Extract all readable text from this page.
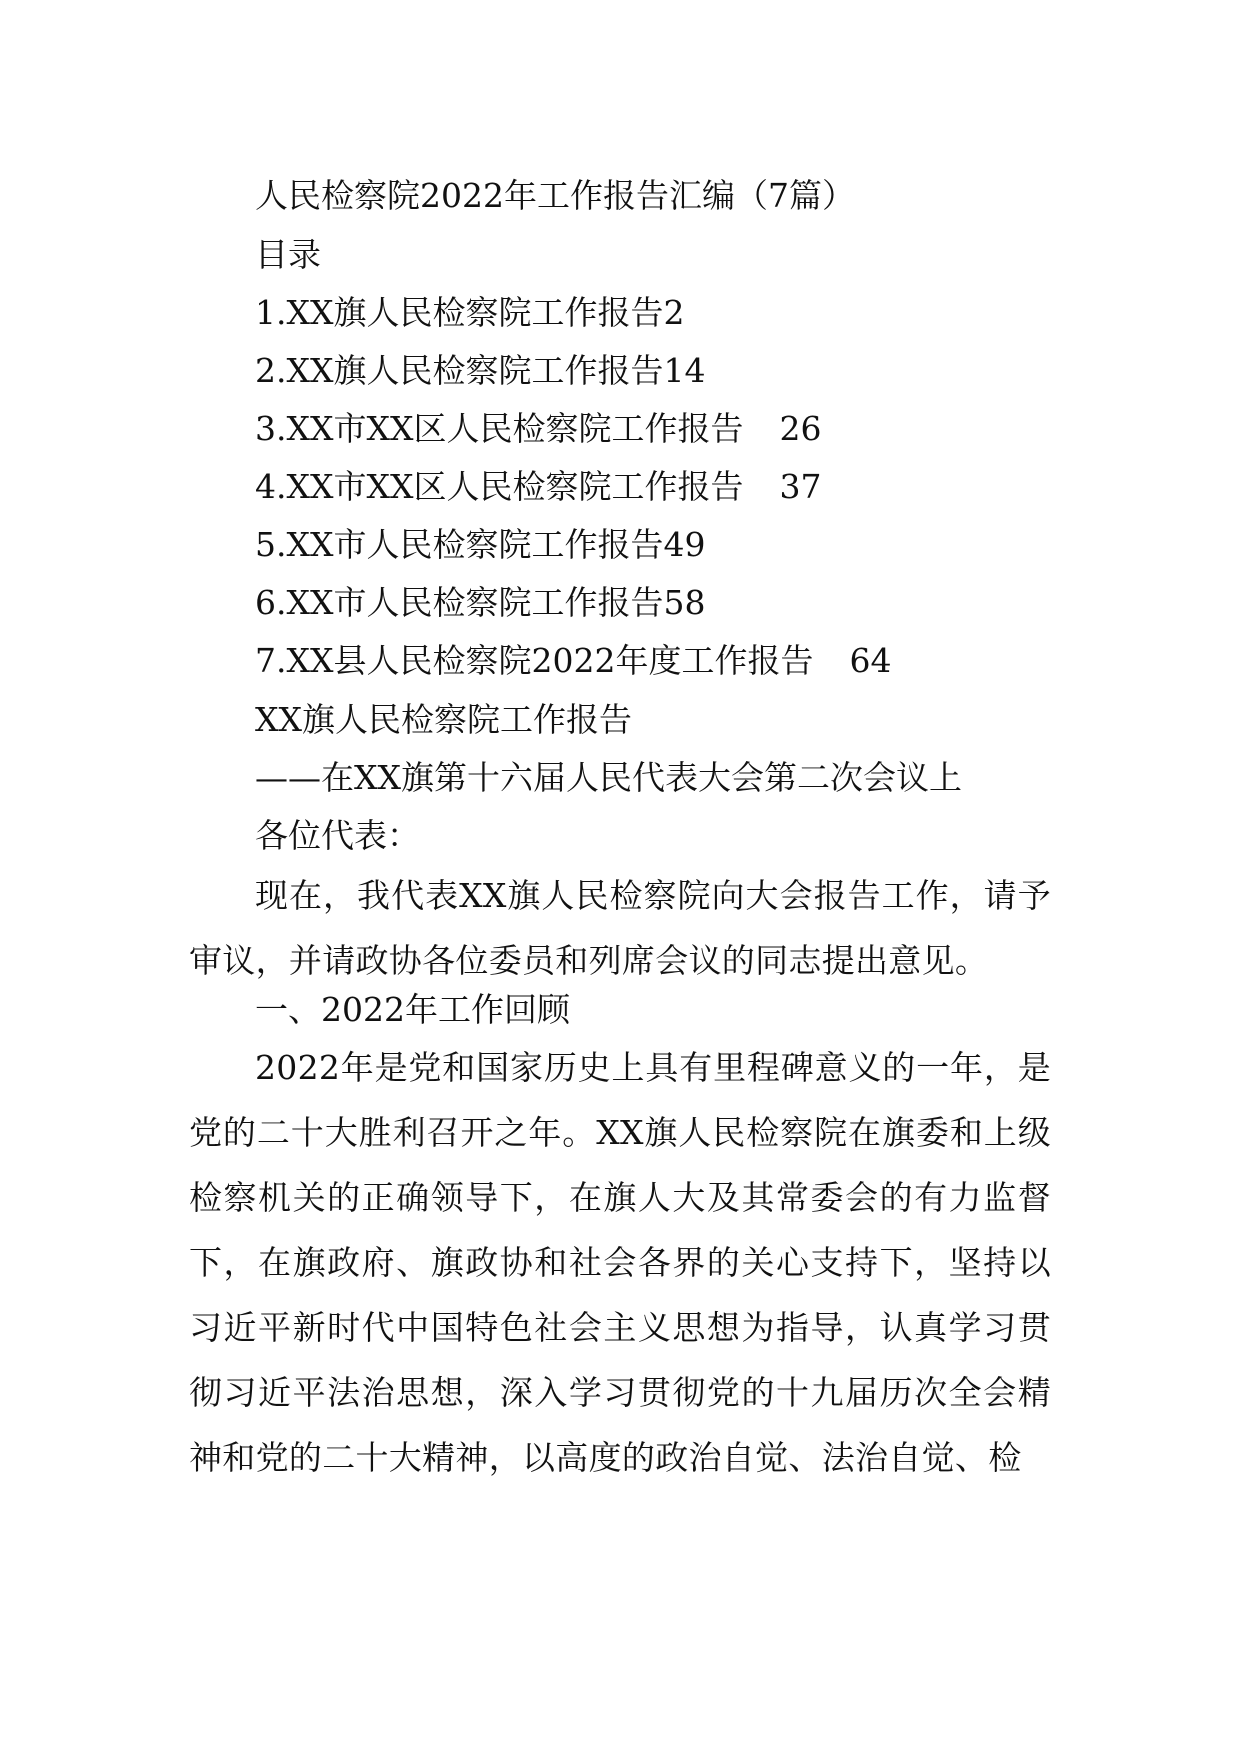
人民检察院2022年工作报告汇编（7篇）
目录
1.XX旗人民检察院工作报告2
2.XX旗人民检察院工作报告14
3.XX市XX区人民检察院工作报告 26
4.XX市XX区人民检察院工作报告 37
5.XX市人民检察院工作报告49
6.XX市人民检察院工作报告58
7.XX县人民检察院2022年度工作报告 64
XX旗人民检察院工作报告
——在XX旗第十六届人民代表大会第二次会议上
各位代表：
现在，我代表XX旗人民检察院向大会报告工作，请予审议，并请政协各位委员和列席会议的同志提出意见。
一、2022年工作回顾
2022年是党和国家历史上具有里程碑意义的一年，是党的二十大胜利召开之年。XX旗人民检察院在旗委和上级检察机关的正确领导下，在旗人大及其常委会的有力监督下，在旗政府、旗政协和社会各界的关心支持下，坚持以习近平新时代中国特色社会主义思想为指导，认真学习贯彻习近平法治思想，深入学习贯彻党的十九届历次全会精神和党的二十大精神，以高度的政治自觉、法治自觉、检
